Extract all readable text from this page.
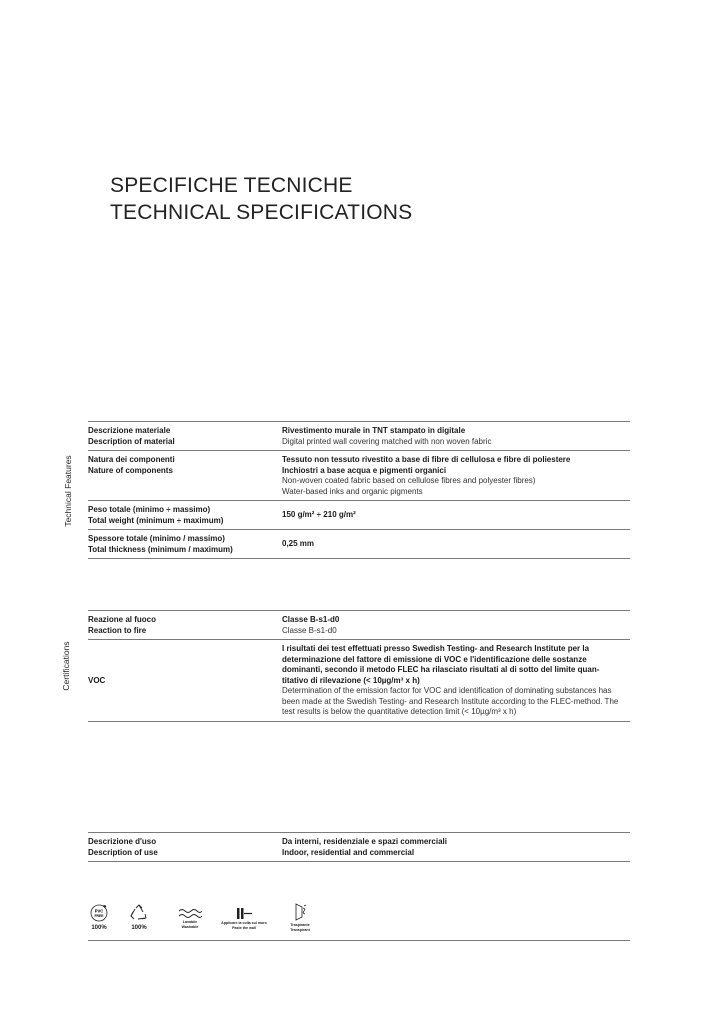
SPECIFICHE TECNICHE
TECHNICAL SPECIFICATIONS
Technical Features
Descrizione materiale
Description of material
Rivestimento murale in TNT stampato in digitale
Digital printed wall covering matched with non woven fabric
Natura dei componenti
Nature of components
Tessuto non tessuto rivestito a base di fibre di cellulosa e fibre di poliestere
Inchiostri a base acqua e pigmenti organici
Non-woven coated fabric based on cellulose fibres and polyester fibres)
Water-based inks and organic pigments
Peso totale (minimo ÷ massimo)
Total weight (minimum ÷ maximum)
150 g/m² ÷ 210 g/m²
Spessore totale (minimo / massimo)
Total thickness (minimum / maximum)
0,25 mm
Certifications
Reazione al fuoco
Reaction to fire
Classe B-s1-d0
Classe B-s1-d0
VOC
I risultati dei test effettuati presso Swedish Testing- and Research Institute per la determinazione del fattore di emissione di VOC e l'identificazione delle sostanze dominanti, secondo il metodo FLEC ha rilasciato risultati al di sotto del limite quan-titativo di rilevazione (< 10µg/m³ x h)
Determination of the emission factor for VOC and identification of dominating substances has been made at the Swedish Testing- and Research Institute according to the FLEC-method. The test results is below the quantitative detection limit (< 10µg/m³ x h)
Descrizione d'uso
Description of use
Da interni, residenziale e spazi commerciali
Indoor, residential and commercial
PVC
FREE
100%	100%
Lavabile
Washable
Applicare la colla sul muro
Paste the wall
Traspirante
Transpirant
